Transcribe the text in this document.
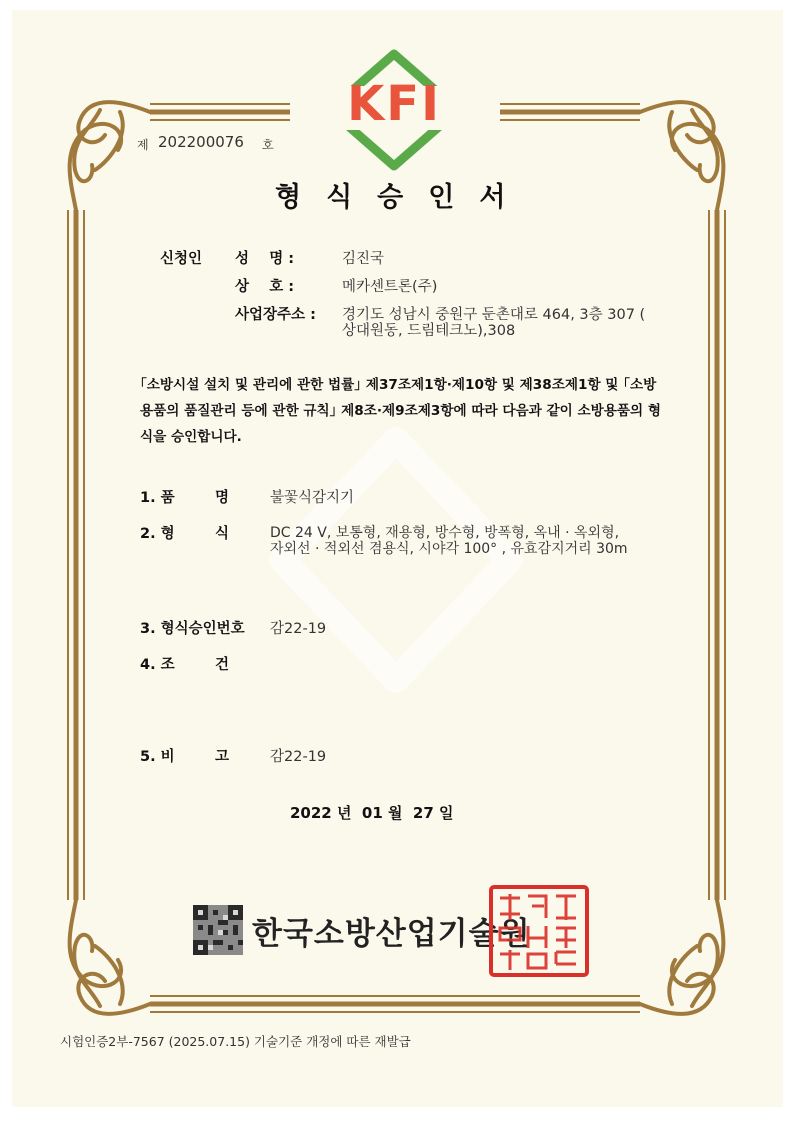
KFI
제 202200076 호
형식승인서
신청인 성    명 :	김진국
상    호 :	메카센트론(주)
사업장주소 : 경기도 성남시 중원구 둔촌대로 464, 3층 307 (
상대원동, 드림테크노),308
｢소방시설 설치 및 관리에 관한 법률｣ 제37조제1항·제10항 및 제38조제1항 및 ｢소방
용품의 품질관리 등에 관한 규칙｣ 제8조·제9조제3항에 따라 다음과 같이 소방용품의 형
식을 승인합니다.
1. 품        명	불꽃식감지기
2. 형        식	DC 24 V, 보통형, 재용형, 방수형, 방폭형, 옥내 · 옥외형,
자외선 · 적외선 겸용식, 시야각 100° , 유효감지거리 30m
3. 형식승인번호 감22-19
4. 조        건
5. 비        고	감22-19
2022 년  01 월  27 일
한국소방산업기술원
시험인증2부-7567 (2025.07.15) 기술기준 개정에 따른 재발급
